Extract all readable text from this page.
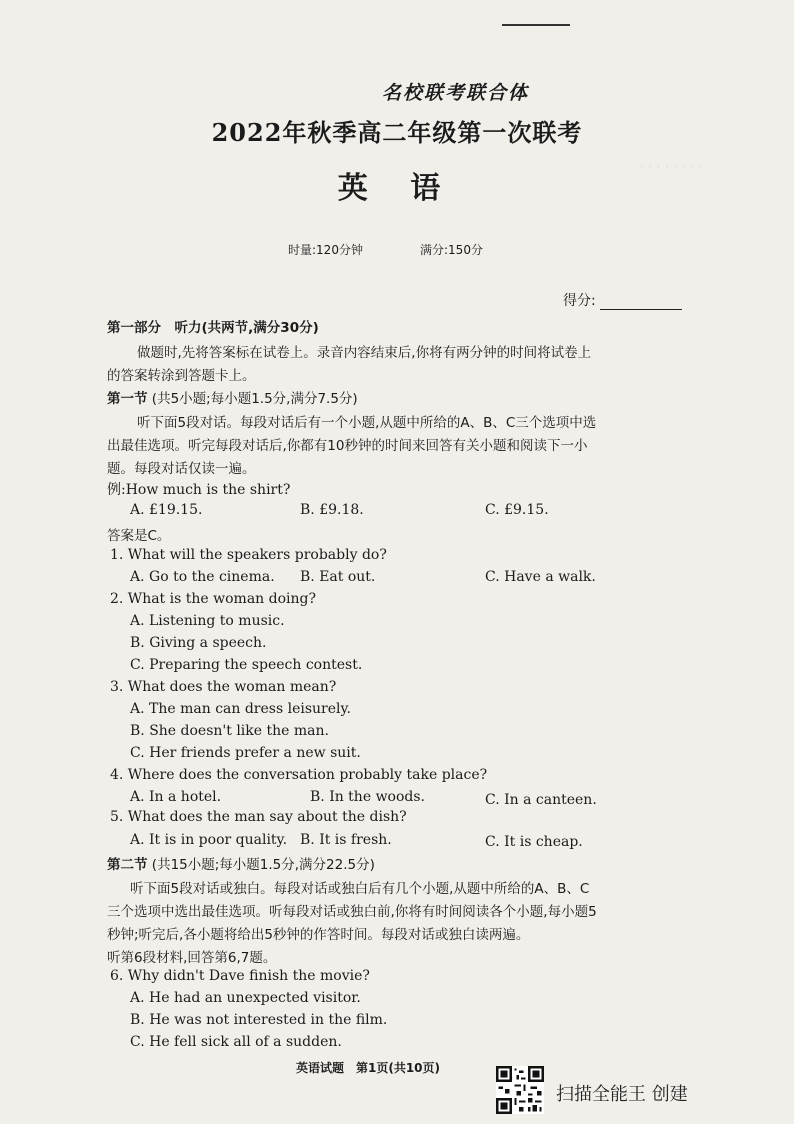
· · · · · · · ·
名校联考联合体
2022年秋季高二年级第一次联考
英 语
时量:120分钟	满分:150分
得分:
第一部分　听力(共两节,满分30分)
做题时,先将答案标在试卷上。录音内容结束后,你将有两分钟的时间将试卷上
的答案转涂到答题卡上。
第一节 (共5小题;每小题1.5分,满分7.5分)
听下面5段对话。每段对话后有一个小题,从题中所给的A、B、C三个选项中选
出最佳选项。听完每段对话后,你都有10秒钟的时间来回答有关小题和阅读下一小
题。每段对话仅读一遍。
例:How much is the shirt?
A. £19.15.	B. £9.18.	C. £9.15.
答案是C。
1. What will the speakers probably do?
A. Go to the cinema. B. Eat out.	C. Have a walk.
2. What is the woman doing?
A. Listening to music.
B. Giving a speech.
C. Preparing the speech contest.
3. What does the woman mean?
A. The man can dress leisurely.
B. She doesn't like the man.
C. Her friends prefer a new suit.
4. Where does the conversation probably take place?
A. In a hotel.	B. In the woods.	C. In a canteen.
5. What does the man say about the dish?
A. It is in poor quality. B. It is fresh.	C. It is cheap.
第二节 (共15小题;每小题1.5分,满分22.5分)
听下面5段对话或独白。每段对话或独白后有几个小题,从题中所给的A、B、C
三个选项中选出最佳选项。听每段对话或独白前,你将有时间阅读各个小题,每小题5
秒钟;听完后,各小题将给出5秒钟的作答时间。每段对话或独白读两遍。
听第6段材料,回答第6,7题。
6. Why didn't Dave finish the movie?
A. He had an unexpected visitor.
B. He was not interested in the film.
C. He fell sick all of a sudden.
英语试题　第1页(共10页)
扫描全能王 创建
